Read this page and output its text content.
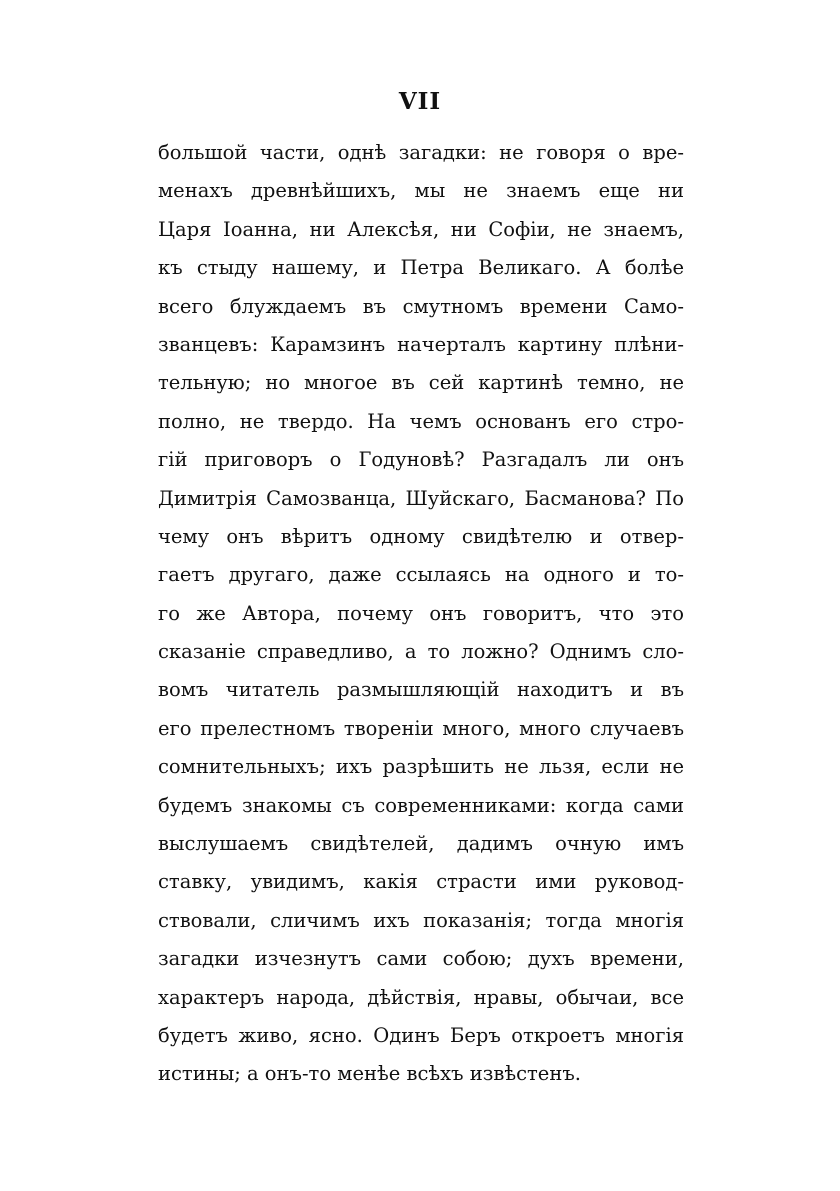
VII
большой части, однѣ загадки: не говоря о вре-
менахъ древнѣйшихъ, мы не знаемъ еще ни
Царя Іоанна, ни Алексѣя, ни Софіи, не знаемъ,
къ стыду нашему, и Петра Великаго. А болѣе
всего блуждаемъ въ смутномъ времени Само-
званцевъ: Карамзинъ начерталъ картину плѣни-
тельную; но многое въ сей картинѣ темно, не
полно, не твердо. На чемъ основанъ его стро-
гій приговоръ о Годуновѣ? Разгадалъ ли онъ
Димитрія Самозванца, Шуйскаго, Басманова? По
чему онъ вѣритъ одному свидѣтелю и отвер-
гаетъ другаго, даже ссылаясь на одного и то-
го же Автора, почему онъ говоритъ, что это
сказаніе справедливо, а то ложно? Однимъ сло-
вомъ читатель размышляющій находитъ и въ
его прелестномъ твореніи много, много случаевъ
сомнительныхъ; ихъ разрѣшить не льзя, если не
будемъ знакомы съ современниками: когда сами
выслушаемъ свидѣтелей, дадимъ очную имъ
ставку, увидимъ, какія страсти ими руковод-
ствовали, сличимъ ихъ показанія; тогда многія
загадки изчезнутъ сами собою; духъ времени,
характеръ народа, дѣйствія, нравы, обычаи, все
будетъ живо, ясно. Одинъ Беръ откроетъ многія
истины; а онъ-то менѣе всѣхъ извѣстенъ.
